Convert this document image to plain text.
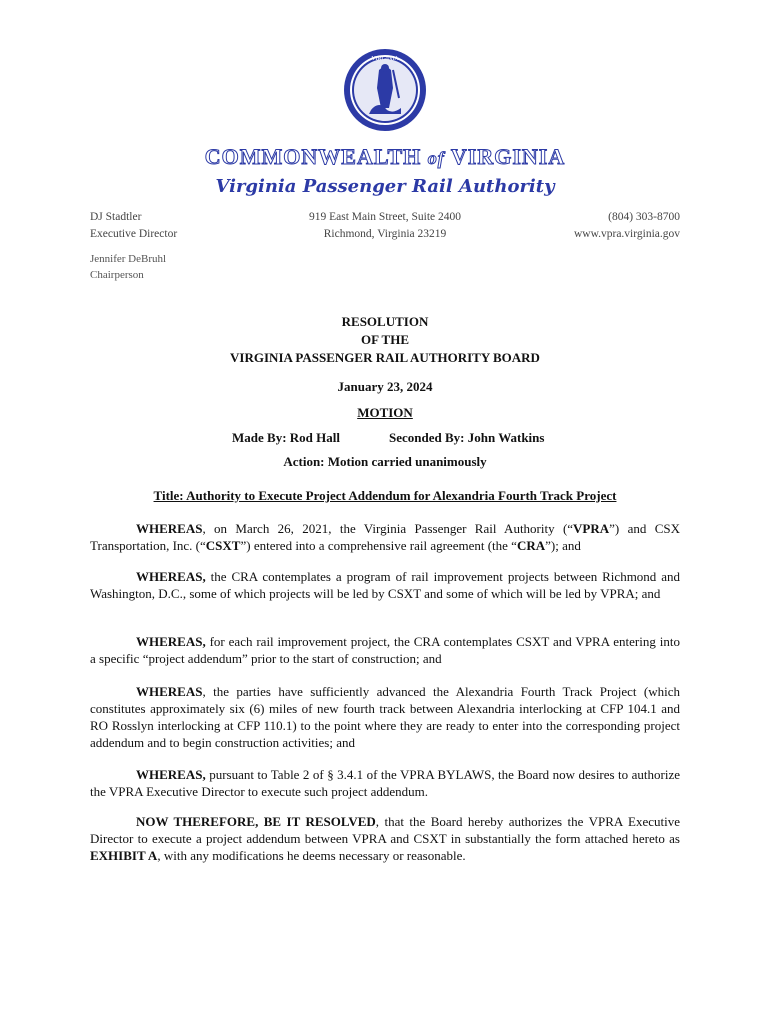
VIRGINIA
COMMONWEALTH of VIRGINIA
Virginia Passenger Rail Authority
DJ Stadtler
Executive Director
919 East Main Street, Suite 2400
Richmond, Virginia 23219
(804) 303-8700
www.vpra.virginia.gov
Jennifer DeBruhl
Chairperson
RESOLUTION
OF THE
VIRGINIA PASSENGER RAIL AUTHORITY BOARD
January 23, 2024
MOTION
Made By: Rod Hall	Seconded By: John Watkins
Action: Motion carried unanimously
Title: Authority to Execute Project Addendum for Alexandria Fourth Track Project
WHEREAS, on March 26, 2021, the Virginia Passenger Rail Authority (“VPRA”) and CSX Transportation, Inc. (“CSXT”) entered into a comprehensive rail agreement (the “CRA”); and
WHEREAS, the CRA contemplates a program of rail improvement projects between Richmond and Washington, D.C., some of which projects will be led by CSXT and some of which will be led by VPRA; and
WHEREAS, for each rail improvement project, the CRA contemplates CSXT and VPRA entering into a specific “project addendum” prior to the start of construction; and
WHEREAS, the parties have sufficiently advanced the Alexandria Fourth Track Project (which constitutes approximately six (6) miles of new fourth track between Alexandria interlocking at CFP 104.1 and RO Rosslyn interlocking at CFP 110.1) to the point where they are ready to enter into the corresponding project addendum and to begin construction activities; and
WHEREAS, pursuant to Table 2 of § 3.4.1 of the VPRA BYLAWS, the Board now desires to authorize the VPRA Executive Director to execute such project addendum.
NOW THEREFORE, BE IT RESOLVED, that the Board hereby authorizes the VPRA Executive Director to execute a project addendum between VPRA and CSXT in substantially the form attached hereto as EXHIBIT A, with any modifications he deems necessary or reasonable.
